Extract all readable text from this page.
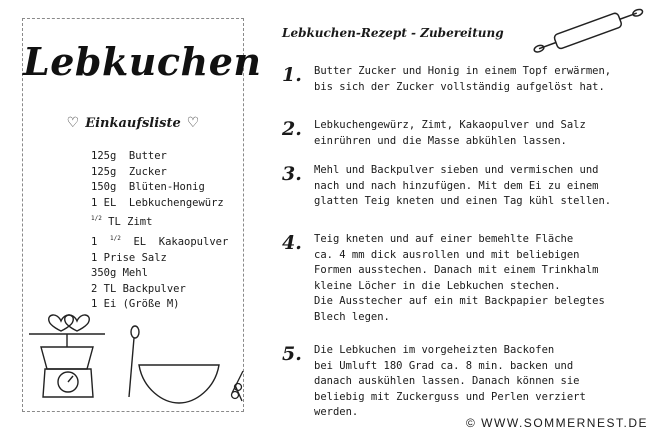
Lebkuchen
♡ Einkaufsliste ♡
125g  Butter
125g  Zucker
150g  Blüten-Honig
1 EL  Lebkuchengewürz
$^{1/2}$ TL Zimt
1  $^{1/2}$  EL  Kakaopulver
1 Prise Salz
350g Mehl
2 TL Backpulver
1 Ei (Größe M)
Lebkuchen-Rezept - Zubereitung
1. Butter Zucker und Honig in einem Topf erwärmen,
bis sich der Zucker vollständig aufgelöst hat.
2. Lebkuchengewürz, Zimt, Kakaopulver und Salz
einrühren und die Masse abkühlen lassen.
3. Mehl und Backpulver sieben und vermischen und
nach und nach hinzufügen. Mit dem Ei zu einem
glatten Teig kneten und einen Tag kühl stellen.
4. Teig kneten und auf einer bemehlte Fläche
ca. 4 mm dick ausrollen und mit beliebigen
Formen ausstechen. Danach mit einem Trinkhalm
kleine Löcher in die Lebkuchen stechen.
Die Ausstecher auf ein mit Backpapier belegtes
Blech legen.
5. Die Lebkuchen im vorgeheizten Backofen
bei Umluft 180 Grad ca. 8 min. backen und
danach auskühlen lassen. Danach können sie
beliebig mit Zuckerguss und Perlen verziert
werden.
© WWW.SOMMERNEST.DE
